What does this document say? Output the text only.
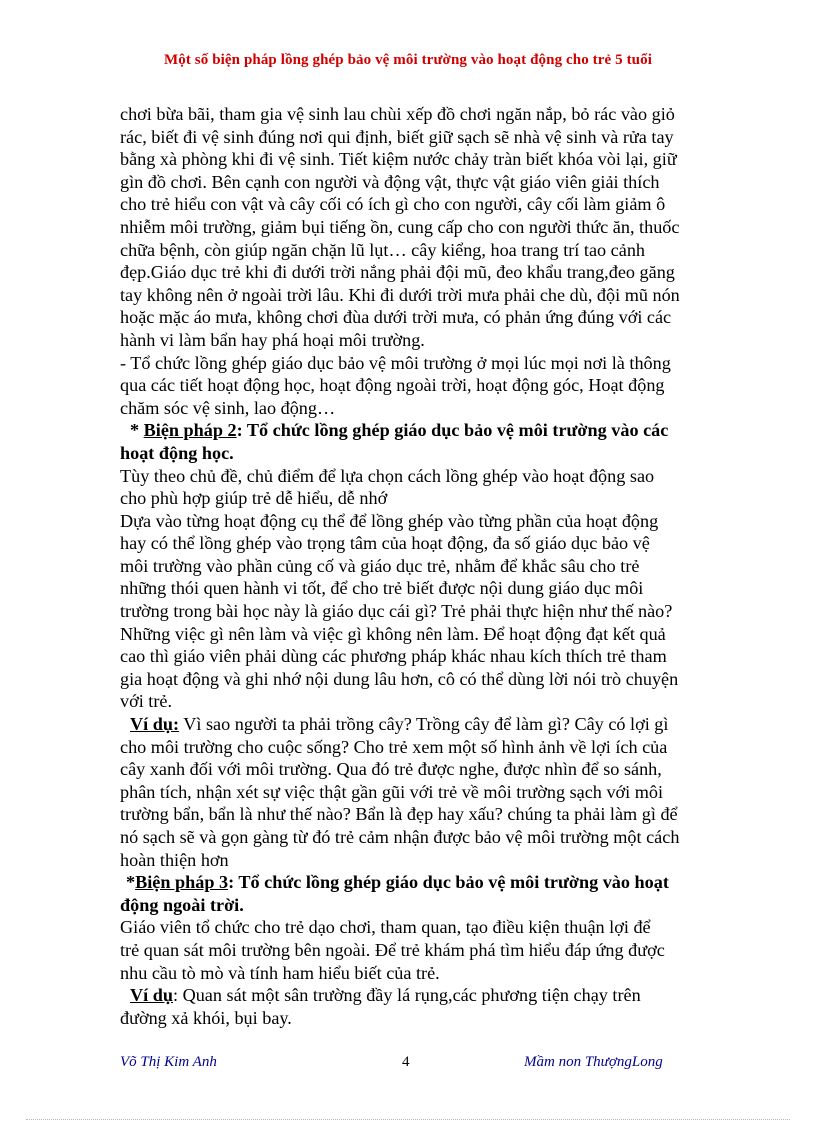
Một số biện pháp lồng ghép bảo vệ môi trường vào hoạt động cho trẻ 5 tuổi
chơi bừa bãi, tham gia vệ sinh lau chùi xếp đồ chơi ngăn nắp, bỏ rác vào giỏ
rác, biết đi vệ sinh đúng nơi qui định, biết giữ sạch sẽ nhà vệ sinh và rửa tay
bằng xà phòng khi đi vệ sinh. Tiết kiệm nước chảy tràn biết khóa vòi lại, giữ
gìn đồ chơi. Bên cạnh con người và động vật, thực vật giáo viên giải thích
cho trẻ hiểu con vật và cây cối có ích gì cho con người, cây cối làm giảm ô
nhiễm môi trường, giảm bụi tiếng ồn, cung cấp cho con người thức ăn, thuốc
chữa bệnh, còn giúp ngăn chặn lũ lụt… cây kiểng, hoa trang trí tao cảnh
đẹp.Giáo dục trẻ khi đi dưới trời nắng phải đội mũ, đeo khẩu trang,đeo găng
tay không nên ở ngoài trời lâu. Khi đi dưới trời mưa phải che dù, đội mũ nón
hoặc mặc áo mưa, không chơi đùa dưới trời mưa, có phản ứng đúng với các
hành vi làm bẩn hay phá hoại môi trường.
- Tổ chức lồng ghép giáo dục bảo vệ môi trường ở mọi lúc mọi nơi là thông
qua các tiết hoạt động học, hoạt động ngoài trời, hoạt động góc, Hoạt động
chăm sóc vệ sinh, lao động…
* Biện pháp 2: Tổ chức lồng ghép giáo dục bảo vệ môi trường vào các
hoạt động học.
Tùy theo chủ đề, chủ điểm để lựa chọn cách lồng ghép vào hoạt động sao
cho phù hợp giúp trẻ dễ hiểu, dễ nhớ
Dựa vào từng hoạt động cụ thể để lồng ghép vào từng phần của hoạt động
hay có thể lồng ghép vào trọng tâm của hoạt động, đa số giáo dục bảo vệ
môi trường vào phần củng cố và giáo dục trẻ, nhằm để khắc sâu cho trẻ
những thói quen hành vi tốt, để cho trẻ biết được nội dung giáo dục môi
trường trong bài học này là giáo dục cái gì? Trẻ phải thực hiện như thế nào?
Những việc gì nên làm và việc gì không nên làm. Để hoạt động đạt kết quả
cao thì giáo viên phải dùng các phương pháp khác nhau kích thích trẻ tham
gia hoạt động và ghi nhớ nội dung lâu hơn, cô có thể dùng lời nói trò chuyện
với trẻ.
Ví dụ: Vì sao người ta phải trồng cây? Trồng cây để làm gì? Cây có lợi gì
cho môi trường cho cuộc sống? Cho trẻ xem một số hình ảnh về lợi ích của
cây xanh đối với môi trường. Qua đó trẻ được nghe, được nhìn để so sánh,
phân tích, nhận xét sự việc thật gần gũi với trẻ về môi trường sạch với môi
trường bẩn, bẩn là như thế nào? Bẩn là đẹp hay xấu? chúng ta phải làm gì để
nó sạch sẽ và gọn gàng từ đó trẻ cảm nhận được bảo vệ môi trường một cách
hoàn thiện hơn
*Biện pháp 3: Tổ chức lồng ghép giáo dục bảo vệ môi trường vào hoạt
động ngoài trời.
Giáo viên tổ chức cho trẻ dạo chơi, tham quan, tạo điều kiện thuận lợi để
trẻ quan sát môi trường bên ngoài. Để trẻ khám phá tìm hiểu đáp ứng được
nhu cầu tò mò và tính ham hiểu biết của trẻ.
Ví dụ: Quan sát một sân trường đầy lá rụng,các phương tiện chạy trên
đường xả khói, bụi bay.
Võ Thị Kim Anh	4	Mầm non ThượngLong
